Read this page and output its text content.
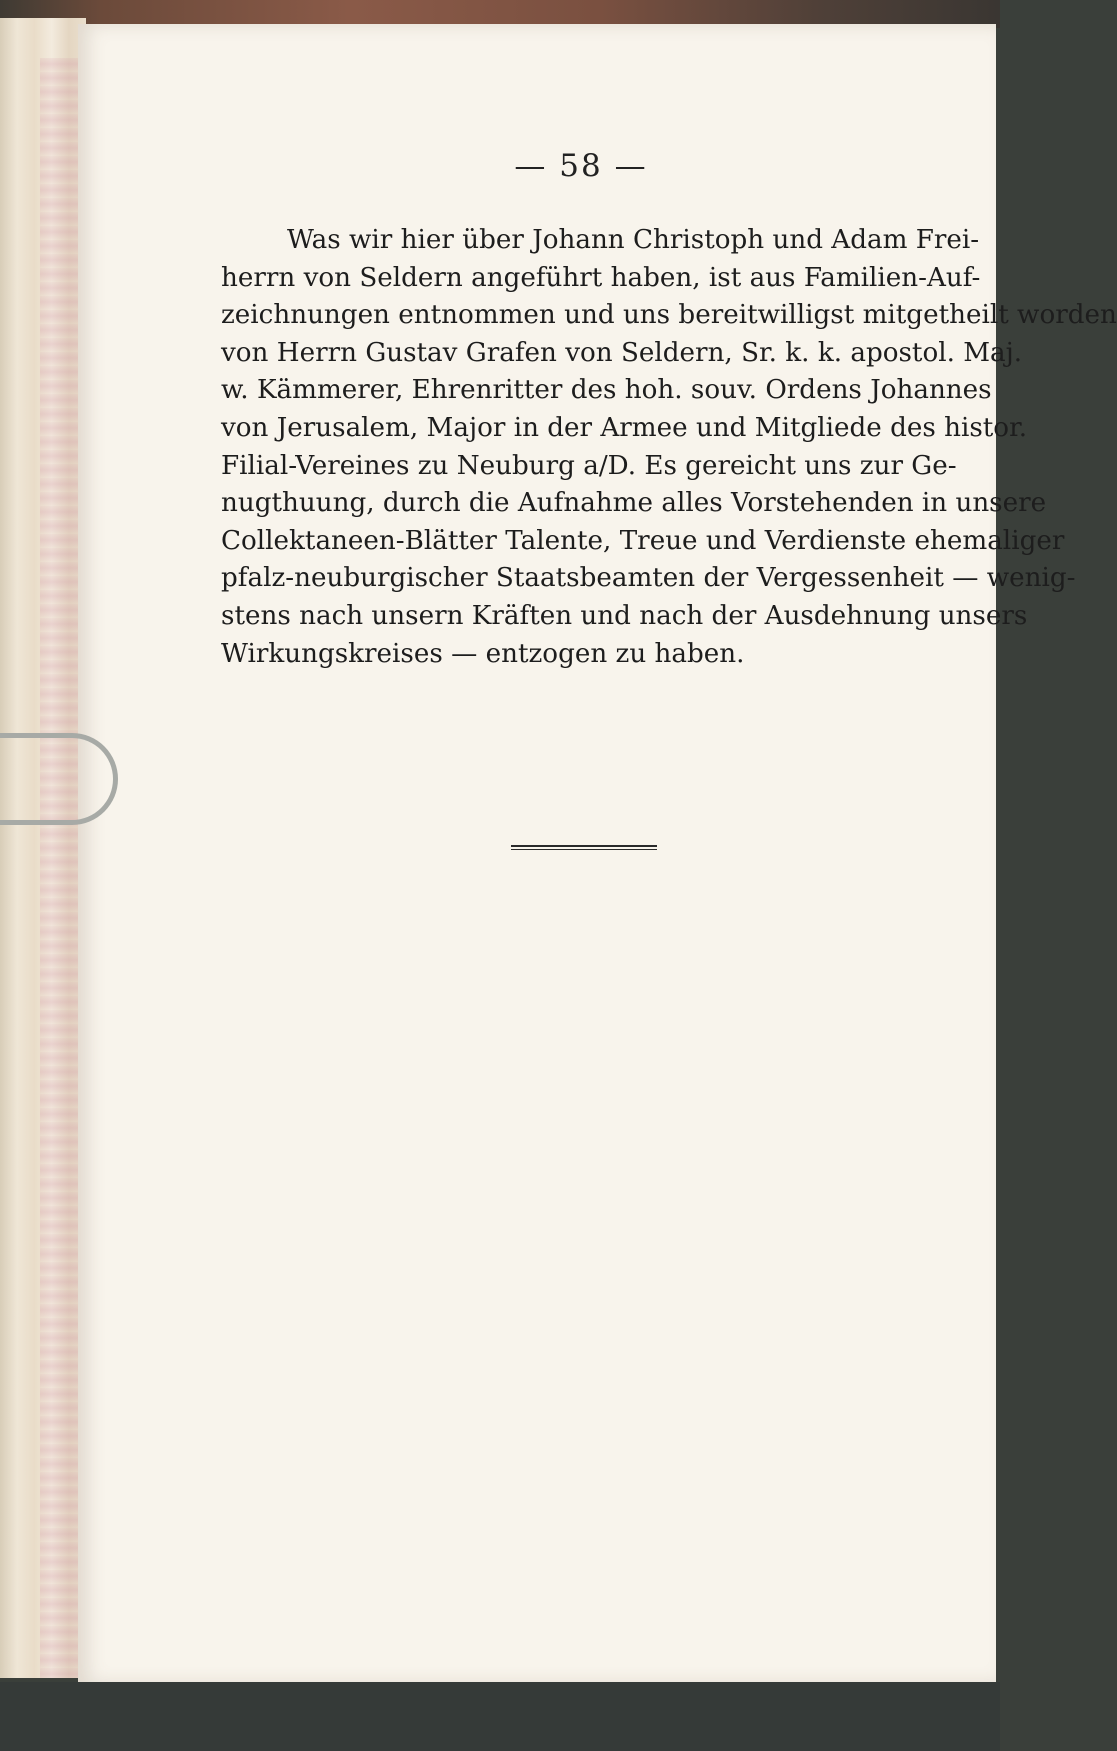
— 58 —

Was wir hier über Johann Christoph und Adam Frei-
herrn von Seldern angeführt haben, ist aus Familien-Auf-
zeichnungen entnommen und uns bereitwilligst mitgetheilt worden
von Herrn Gustav Grafen von Seldern, Sr. k. k. apostol. Maj.
w. Kämmerer, Ehrenritter des hoh. souv. Ordens Johannes
von Jerusalem, Major in der Armee und Mitgliede des histor.
Filial-Vereines zu Neuburg a/D. Es gereicht uns zur Ge-
nugthuung, durch die Aufnahme alles Vorstehenden in unsere
Collektaneen-Blätter Talente, Treue und Verdienste ehemaliger
pfalz-neuburgischer Staatsbeamten der Vergessenheit — wenig-
stens nach unsern Kräften und nach der Ausdehnung unsers
Wirkungskreises — entzogen zu haben.
